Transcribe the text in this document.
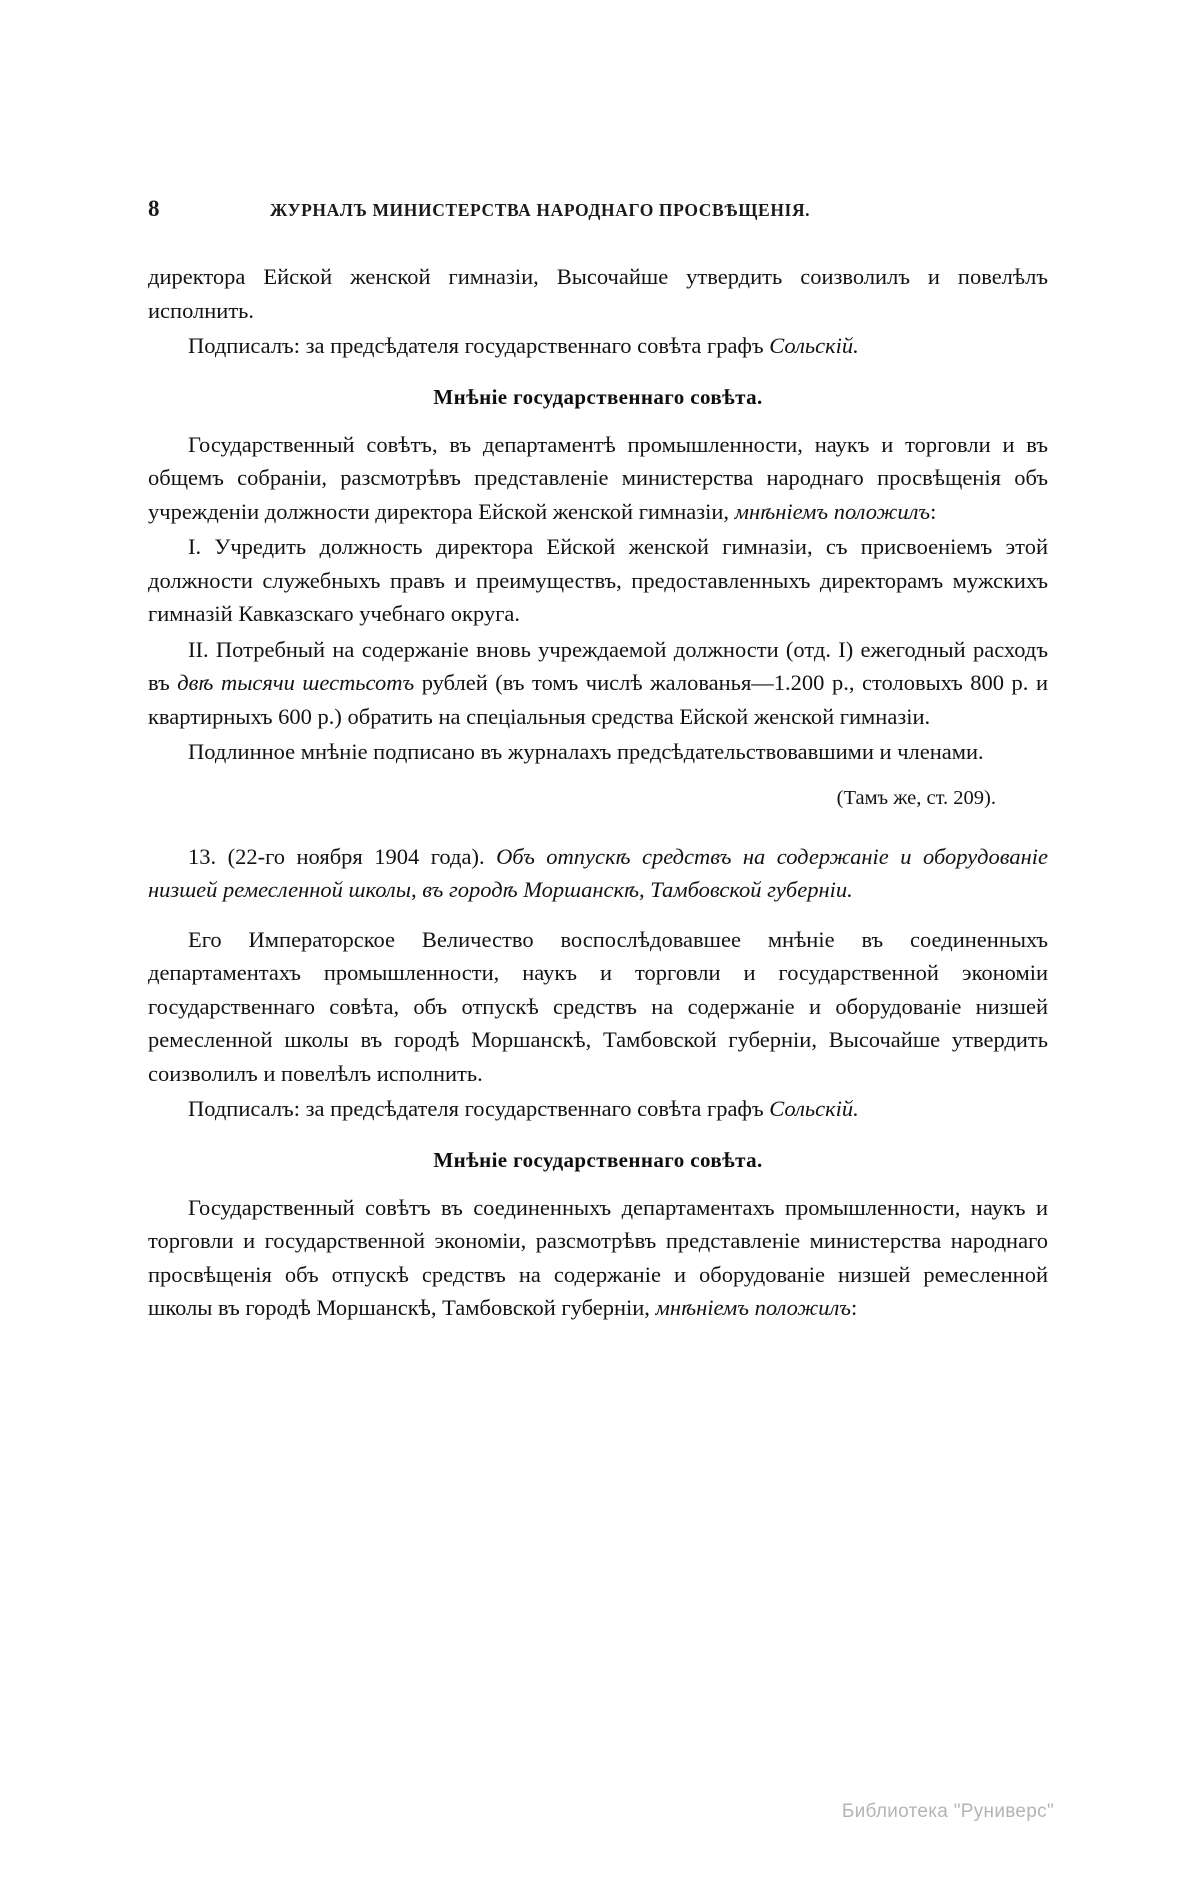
8	ЖУРНАЛЪ МИНИСТЕРСТВА НАРОДНАГО ПРОСВѢЩЕНІЯ.

директора Ейской женской гимназіи, Высочайше утвердить соизволилъ и повелѣлъ исполнить.

Подписалъ: за предсѣдателя государственнаго совѣта графъ Сольскій.

Мнѣніе государственнаго совѣта.

Государственный совѣтъ, въ департаментѣ промышленности, наукъ и торговли и въ общемъ собраніи, разсмотрѣвъ представленіе министерства народнаго просвѣщенія объ учрежденіи должности директора Ейской женской гимназіи, мнѣніемъ положилъ:

I. Учредить должность директора Ейской женской гимназіи, съ присвоеніемъ этой должности служебныхъ правъ и преимуществъ, предоставленныхъ директорамъ мужскихъ гимназій Кавказскаго учебнаго округа.

II. Потребный на содержаніе вновь учреждаемой должности (отд. I) ежегодный расходъ въ двѣ тысячи шестьсотъ рублей (въ томъ числѣ жалованья—1.200 р., столовыхъ 800 р. и квартирныхъ 600 р.) обратить на спеціальныя средства Ейской женской гимназіи.

Подлинное мнѣніе подписано въ журналахъ предсѣдательствовавшими и членами.

(Тамъ же, ст. 209).

13. (22-го ноября 1904 года). Объ отпускѣ средствъ на содержаніе и оборудованіе низшей ремесленной школы, въ городѣ Моршанскѣ, Тамбовской губерніи.

Его Императорское Величество воспослѣдовавшее мнѣніе въ соединенныхъ департаментахъ промышленности, наукъ и торговли и государственной экономіи государственнаго совѣта, объ отпускѣ средствъ на содержаніе и оборудованіе низшей ремесленной школы въ городѣ Моршанскѣ, Тамбовской губерніи, Высочайше утвердить соизволилъ и повелѣлъ исполнить.

Подписалъ: за предсѣдателя государственнаго совѣта графъ Сольскій.

Мнѣніе государственнаго совѣта.

Государственный совѣтъ въ соединенныхъ департаментахъ промышленности, наукъ и торговли и государственной экономіи, разсмотрѣвъ представленіе министерства народнаго просвѣщенія объ отпускѣ средствъ на содержаніе и оборудованіе низшей ремесленной школы въ городѣ Моршанскѣ, Тамбовской губерніи, мнѣніемъ положилъ:

Библиотека "Руниверс"
